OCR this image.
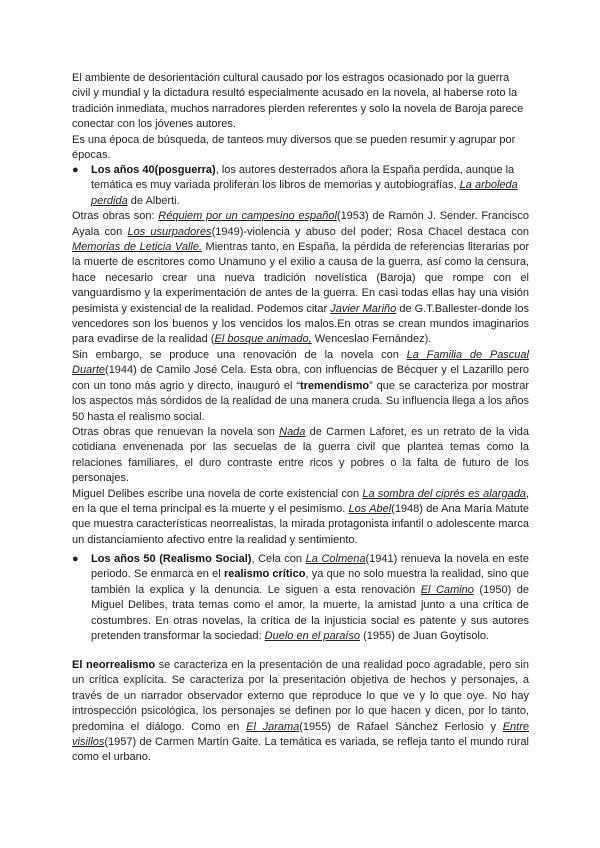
El ambiente de desorientación cultural causado por los estragos ocasionado por la guerra civil y mundial y la dictadura resultó especialmente acusado en la novela, al haberse roto la tradición inmediata, muchos narradores pierden referentes y solo la novela de Baroja parece conectar con los jóvenes autores.

Es una época de búsqueda, de tanteos muy diversos que se pueden resumir y agrupar por épocas.

● Los años 40(posguerra), los autores desterrados añora la España perdida, aunque la temática es muy variada proliferan los libros de memorias y autobiografías, La arboleda perdida de Alberti.

Otras obras son: Réquiem por un campesino español(1953) de Ramón J. Sender. Francisco Ayala con Los usurpadores(1949)-violencia y abuso del poder; Rosa Chacel destaca con Memorias de Leticia Valle. Mientras tanto, en España, la pérdida de referencias literarias por la muerte de escritores como Unamuno y el exilio a causa de la guerra, así como la censura, hace necesario crear una nueva tradición novelística (Baroja) que rompe con el vanguardismo y la experimentación de antes de la guerra. En casi todas ellas hay una visión pesimista y existencial de la realidad. Podemos citar Javier Mariño de G.T.Ballester-donde los vencedores son los buenos y los vencidos los malos.En otras se crean mundos imaginarios para evadirse de la realidad (El bosque animado, Wenceslao Fernández).

Sin embargo, se produce una renovación de la novela con La Familia de Pascual Duarte(1944) de Camilo José Cela. Esta obra, con influencias de Bécquer y el Lazarillo pero con un tono más agrio y directo, inauguró el “tremendismo” que se caracteriza por mostrar los aspectos más sórdidos de la realidad de una manera cruda. Su influencia llega a los años 50 hasta el realismo social.

Otras obras que renuevan la novela son Nada de Carmen Laforet, es un retrato de la vida cotidiana envenenada por las secuelas de la guerra civil que plantea temas como la relaciones familiares, el duro contraste entre ricos y pobres o la falta de futuro de los personajes.

Miguel Delibes escribe una novela de corte existencial con La sombra del ciprés es alargada, en la que el tema principal es la muerte y el pesimismo. Los Abel(1948) de Ana María Matute que muestra características neorrealistas, la mirada protagonista infantil o adolescente marca un distanciamiento afectivo entre la realidad y sentimiento.

● Los años 50 (Realismo Social), Cela con La Colmena(1941) renueva la novela en este periodo. Se enmarca en el realismo crítico, ya que no solo muestra la realidad, sino que también la explica y la denuncia. Le siguen a esta renovación El Camino (1950) de Miguel Delibes, trata temas como el amor, la muerte, la amistad junto a una crítica de costumbres. En otras novelas, la crítica de la injusticia social es patente y sus autores pretenden transformar la sociedad: Duelo en el paraíso (1955) de Juan Goytisolo.

El neorrealismo se caracteriza en la presentación de una realidad poco agradable, pero sin un crítica explícita. Se caracteriza por la presentación objetiva de hechos y personajes, a través de un narrador observador externo que reproduce lo que ve y lo que oye. No hay introspección psicológica, los personajes se definen por lo que hacen y dicen, por lo tanto, predomina el diálogo. Como en El Jarama(1955) de Rafael Sánchez Ferlosio y Entre visillos(1957) de Carmen Martín Gaite. La temática es variada, se refleja tanto el mundo rural como el urbano.
